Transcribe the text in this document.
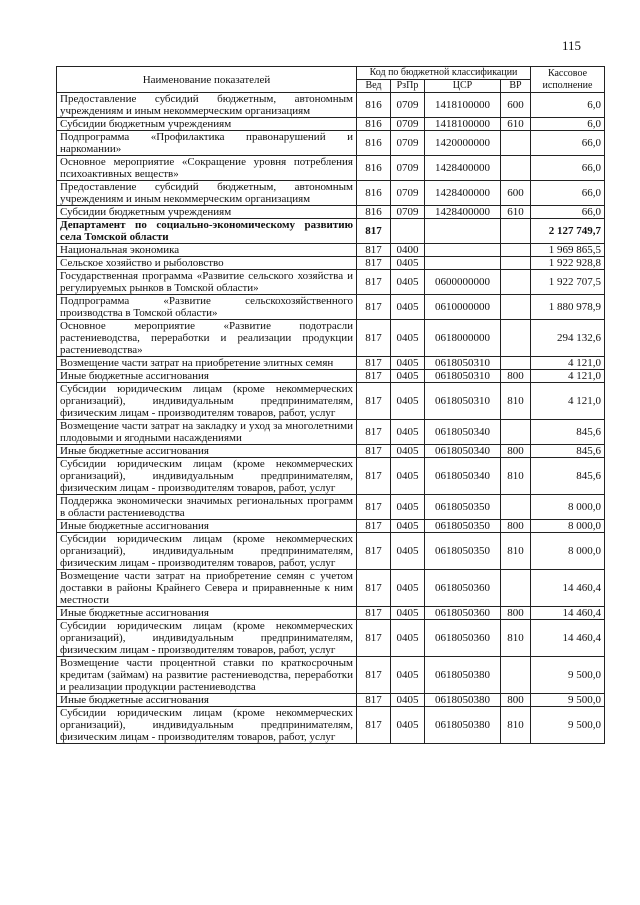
115
Наименование показателей	Код по бюджетной классификации				Кассовое исполнение
	Вед	РзПр	ЦСР	ВР	
Предоставление субсидий бюджетным, автономным учреждениям и иным некоммерческим организациям	816	0709	1418100000	600	6,0
Субсидии бюджетным учреждениям	816	0709	1418100000	610	6,0
Подпрограмма «Профилактика правонарушений и наркомании»	816	0709	1420000000		66,0
Основное мероприятие «Сокращение уровня потребления психоактивных веществ»	816	0709	1428400000		66,0
Предоставление субсидий бюджетным, автономным учреждениям и иным некоммерческим организациям	816	0709	1428400000	600	66,0
Субсидии бюджетным учреждениям	816	0709	1428400000	610	66,0
Департамент по социально-экономическому развитию села Томской области	817				2 127 749,7
Национальная экономика	817	0400			1 969 865,5
Сельское хозяйство и рыболовство	817	0405			1 922 928,8
Государственная программа «Развитие сельского хозяйства и регулируемых рынков в Томской области»	817	0405	0600000000		1 922 707,5
Подпрограмма «Развитие сельскохозяйственного производства в Томской области»	817	0405	0610000000		1 880 978,9
Основное мероприятие «Развитие подотрасли растениеводства, переработки и реализации продукции растениеводства»	817	0405	0618000000		294 132,6
Возмещение части затрат на приобретение элитных семян	817	0405	0618050310		4 121,0
Иные бюджетные ассигнования	817	0405	0618050310	800	4 121,0
Субсидии юридическим лицам (кроме некоммерческих организаций), индивидуальным предпринимателям, физическим лицам - производителям товаров, работ, услуг	817	0405	0618050310	810	4 121,0
Возмещение части затрат на закладку и уход за многолетними плодовыми и ягодными насаждениями	817	0405	0618050340		845,6
Иные бюджетные ассигнования	817	0405	0618050340	800	845,6
Субсидии юридическим лицам (кроме некоммерческих организаций), индивидуальным предпринимателям, физическим лицам - производителям товаров, работ, услуг	817	0405	0618050340	810	845,6
Поддержка экономически значимых региональных программ в области растениеводства	817	0405	0618050350		8 000,0
Иные бюджетные ассигнования	817	0405	0618050350	800	8 000,0
Субсидии юридическим лицам (кроме некоммерческих организаций), индивидуальным предпринимателям, физическим лицам - производителям товаров, работ, услуг	817	0405	0618050350	810	8 000,0
Возмещение части затрат на приобретение семян с учетом доставки в районы Крайнего Севера и приравненные к ним местности	817	0405	0618050360		14 460,4
Иные бюджетные ассигнования	817	0405	0618050360	800	14 460,4
Субсидии юридическим лицам (кроме некоммерческих организаций), индивидуальным предпринимателям, физическим лицам - производителям товаров, работ, услуг	817	0405	0618050360	810	14 460,4
Возмещение части процентной ставки по краткосрочным кредитам (займам) на развитие растениеводства, переработки и реализации продукции растениеводства	817	0405	0618050380		9 500,0
Иные бюджетные ассигнования	817	0405	0618050380	800	9 500,0
Субсидии юридическим лицам (кроме некоммерческих организаций), индивидуальным предпринимателям, физическим лицам - производителям товаров, работ, услуг	817	0405	0618050380	810	9 500,0
